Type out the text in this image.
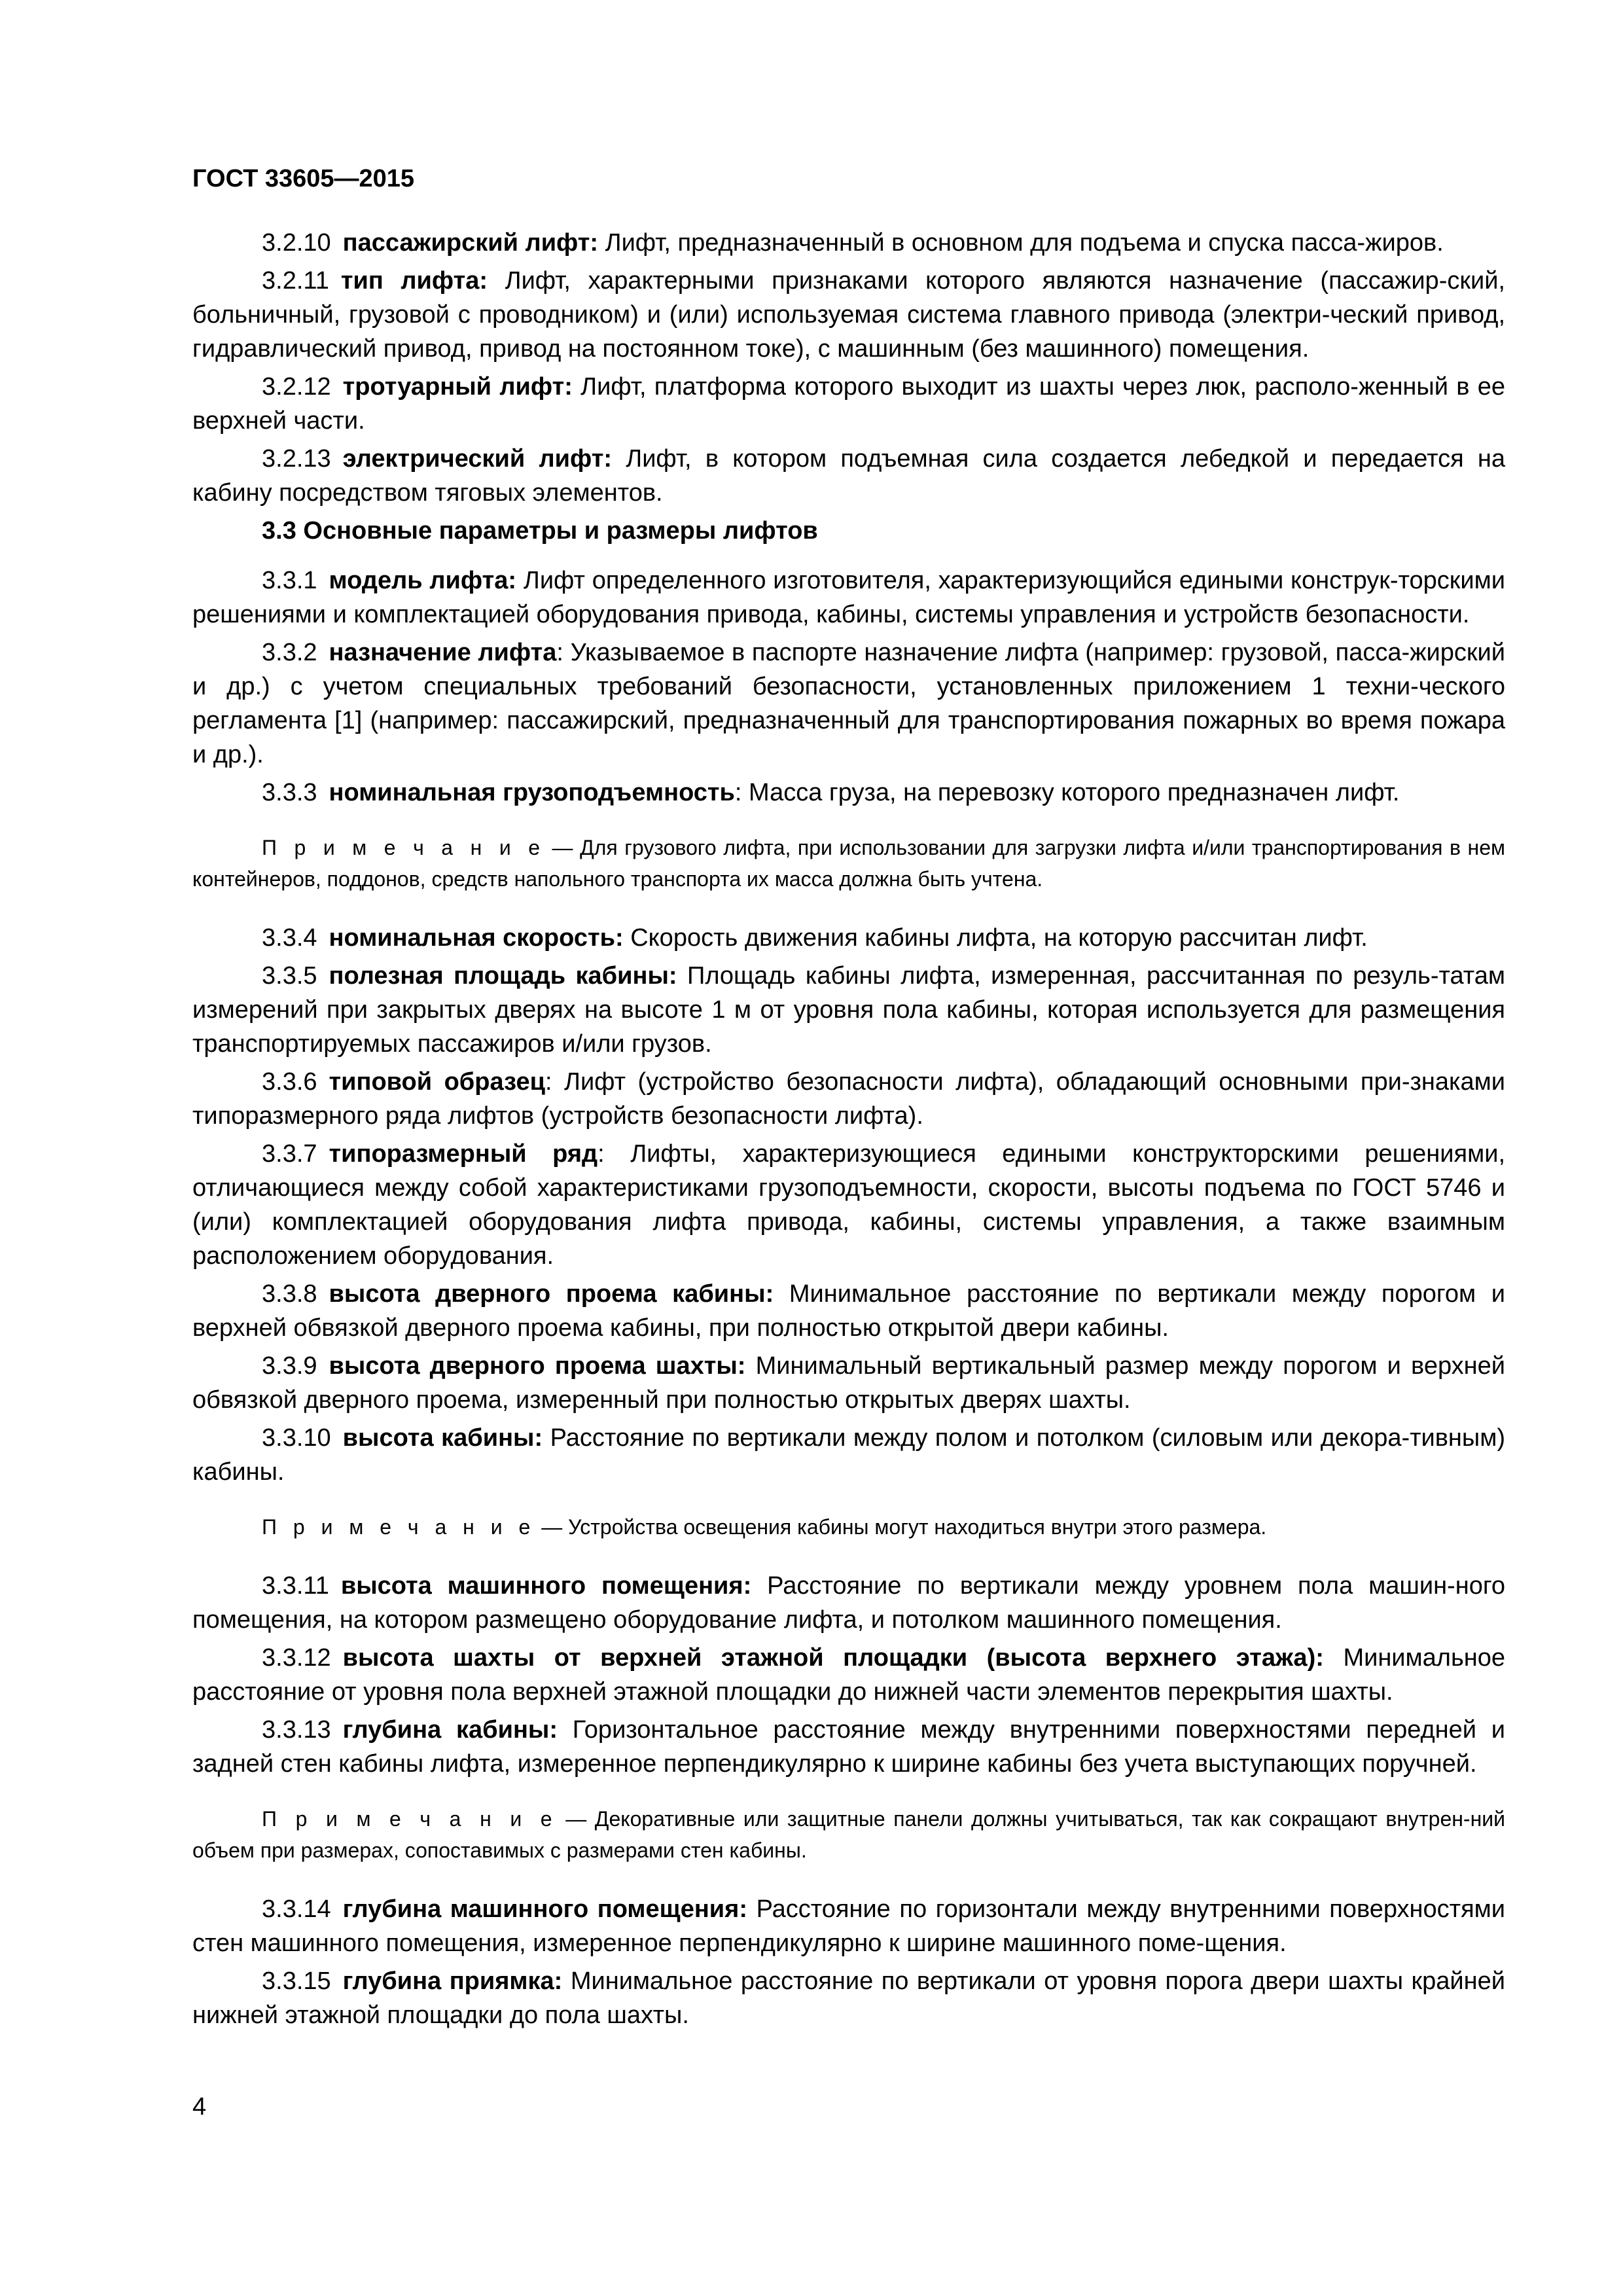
ГОСТ 33605—2015

3.2.10 пассажирский лифт: Лифт, предназначенный в основном для подъема и спуска пасса-жиров.

3.2.11 тип лифта: Лифт, характерными признаками которого являются назначение (пассажир-ский, больничный, грузовой с проводником) и (или) используемая система главного привода (электри-ческий привод, гидравлический привод, привод на постоянном токе), с машинным (без машинного) помещения.

3.2.12 тротуарный лифт: Лифт, платформа которого выходит из шахты через люк, располо-женный в ее верхней части.

3.2.13 электрический лифт: Лифт, в котором подъемная сила создается лебедкой и передается на кабину посредством тяговых элементов.

3.3 Основные параметры и размеры лифтов

3.3.1 модель лифта: Лифт определенного изготовителя, характеризующийся едиными конструк-торскими решениями и комплектацией оборудования привода, кабины, системы управления и устройств безопасности.

3.3.2 назначение лифта: Указываемое в паспорте назначение лифта (например: грузовой, пасса-жирский и др.) с учетом специальных требований безопасности, установленных приложением 1 техни-ческого регламента [1] (например: пассажирский, предназначенный для транспортирования пожарных во время пожара и др.).

3.3.3 номинальная грузоподъемность: Масса груза, на перевозку которого предназначен лифт.

П р и м е ч а н и е — Для грузового лифта, при использовании для загрузки лифта и/или транспортирования в нем контейнеров, поддонов, средств напольного транспорта их масса должна быть учтена.

3.3.4 номинальная скорость: Скорость движения кабины лифта, на которую рассчитан лифт.

3.3.5 полезная площадь кабины: Площадь кабины лифта, измеренная, рассчитанная по резуль-татам измерений при закрытых дверях на высоте 1 м от уровня пола кабины, которая используется для размещения транспортируемых пассажиров и/или грузов.

3.3.6 типовой образец: Лифт (устройство безопасности лифта), обладающий основными при-знаками типоразмерного ряда лифтов (устройств безопасности лифта).

3.3.7 типоразмерный ряд: Лифты, характеризующиеся едиными конструкторскими решениями, отличающиеся между собой характеристиками грузоподъемности, скорости, высоты подъема по ГОСТ 5746 и (или) комплектацией оборудования лифта привода, кабины, системы управления, а также взаимным расположением оборудования.

3.3.8 высота дверного проема кабины: Минимальное расстояние по вертикали между порогом и верхней обвязкой дверного проема кабины, при полностью открытой двери кабины.

3.3.9 высота дверного проема шахты: Минимальный вертикальный размер между порогом и верхней обвязкой дверного проема, измеренный при полностью открытых дверях шахты.

3.3.10 высота кабины: Расстояние по вертикали между полом и потолком (силовым или декора-тивным) кабины.

П р и м е ч а н и е — Устройства освещения кабины могут находиться внутри этого размера.

3.3.11 высота машинного помещения: Расстояние по вертикали между уровнем пола машин-ного помещения, на котором размещено оборудование лифта, и потолком машинного помещения.

3.3.12 высота шахты от верхней этажной площадки (высота верхнего этажа): Минимальное расстояние от уровня пола верхней этажной площадки до нижней части элементов перекрытия шахты.

3.3.13 глубина кабины: Горизонтальное расстояние между внутренними поверхностями передней и задней стен кабины лифта, измеренное перпендикулярно к ширине кабины без учета выступающих поручней.

П р и м е ч а н и е — Декоративные или защитные панели должны учитываться, так как сокращают внутрен-ний объем при размерах, сопоставимых с размерами стен кабины.

3.3.14 глубина машинного помещения: Расстояние по горизонтали между внутренними поверхностями стен машинного помещения, измеренное перпендикулярно к ширине машинного поме-щения.

3.3.15 глубина приямка: Минимальное расстояние по вертикали от уровня порога двери шахты крайней нижней этажной площадки до пола шахты.

4
